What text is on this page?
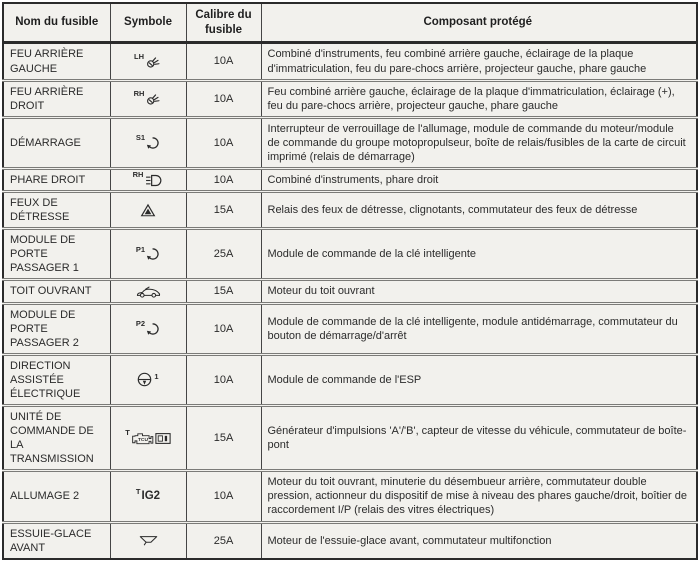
Nom du fusible	Symbole	Calibre du fusible	Composant protégé

FEU ARRIÈRE GAUCHE	LH	10A	Combiné d'instruments, feu combiné arrière gauche, éclairage de la plaque d'immatriculation, feu du pare-chocs arrière, projecteur gauche, phare gauche

FEU ARRIÈRE DROIT	RH	10A	Feu combiné arrière gauche, éclairage de la plaque d'immatriculation, éclairage (+), feu du pare-chocs arrière, projecteur gauche, phare gauche

DÉMARRAGE	S1	10A	Interrupteur de verrouillage de l'allumage, module de commande du moteur/module de commande du groupe motopropulseur, boîte de relais/fusibles de la carte de circuit imprimé (relais de démarrage)

PHARE DROIT	RH	10A	Combiné d'instruments, phare droit

FEUX DE DÉTRESSE		15A	Relais des feux de détresse, clignotants, commutateur des feux de détresse

MODULE DE PORTE PASSAGER 1	P1	25A	Module de commande de la clé intelligente

TOIT OUVRANT		15A	Moteur du toit ouvrant

MODULE DE PORTE PASSAGER 2	P2	10A	Module de commande de la clé intelligente, module antidémarrage, commutateur du bouton de démarrage/d'arrêt

DIRECTION ASSISTÉE ÉLECTRIQUE	1	10A	Module de commande de l'ESP

UNITÉ DE COMMANDE DE LA TRANSMISSION	T	15A	Générateur d'impulsions 'A'/'B', capteur de vitesse du véhicule, commutateur de boîte-pont

ALLUMAGE 2	T IG2	10A	Moteur du toit ouvrant, minuterie du désembueur arrière, commutateur double pression, actionneur du dispositif de mise à niveau des phares gauche/droit, boîtier de raccordement I/P (relais des vitres électriques)

ESSUIE-GLACE AVANT		25A	Moteur de l'essuie-glace avant, commutateur multifonction
